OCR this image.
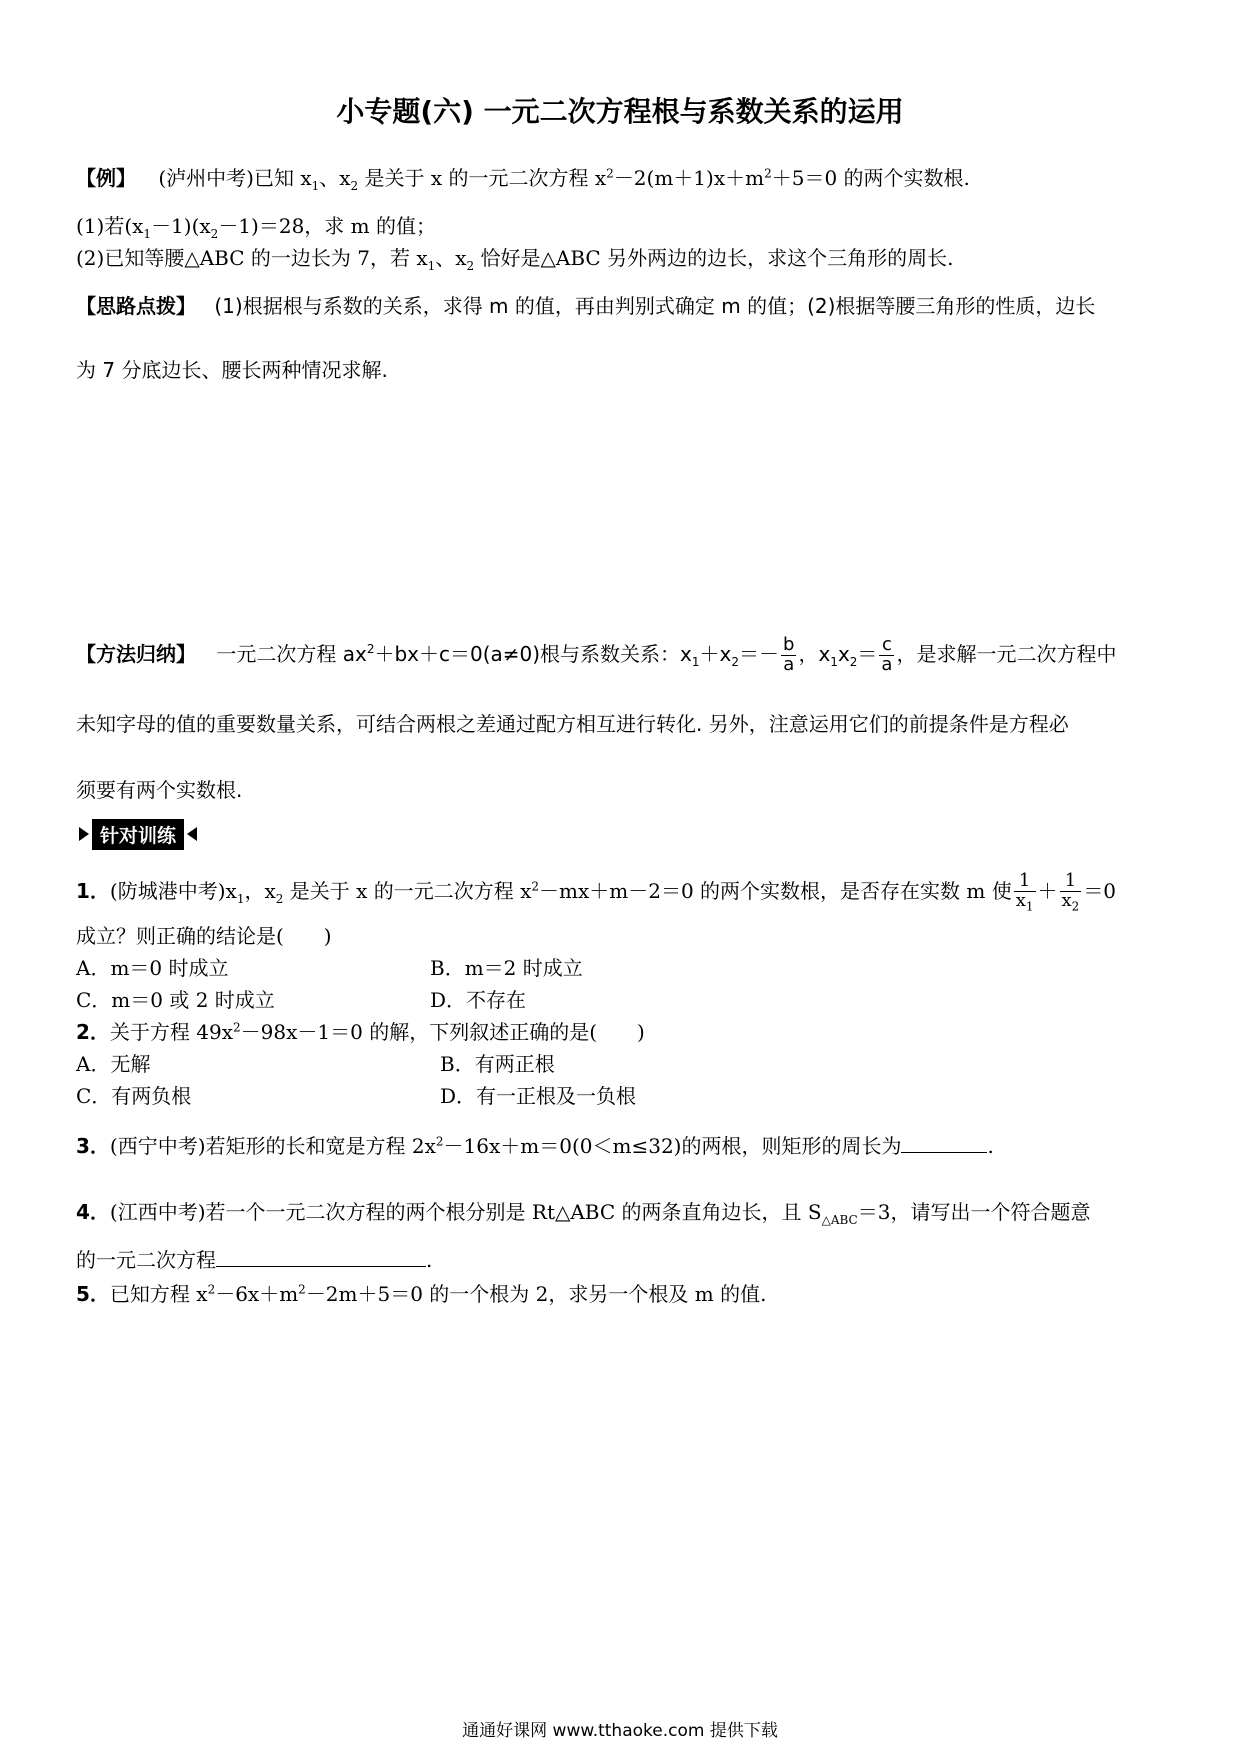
小专题(六) 一元二次方程根与系数关系的运用
【例】 (泸州中考)已知 $x_1$、$x_2$ 是关于 x 的一元二次方程 $x^2-2(m+1)x+m^2+5=0$ 的两个实数根.
(1)若$(x_1-1)(x_2-1)=28$，求 m 的值；
(2)已知等腰△ABC 的一边长为 7，若 $x_1$、$x_2$ 恰好是△ABC 另外两边的边长，求这个三角形的周长.
【思路点拨】 (1)根据根与系数的关系，求得 m 的值，再由判别式确定 m 的值；(2)根据等腰三角形的性质，边长
为 7 分底边长、腰长两种情况求解.
【方法归纳】 一元二次方程 $ax^2+bx+c=0(a\ne 0)$根与系数关系：$x_1+x_2=- \frac{b}{a}$ ，$x_1x_2= \frac{c}{a}$ ，是求解一元二次方程中
未知字母的值的重要数量关系，可结合两根之差通过配方相互进行转化. 另外，注意运用它们的前提条件是方程必
须要有两个实数根.
针对训练
1．(防城港中考)$x_1$，$x_2$ 是关于 x 的一元二次方程 $x^2-mx+m-2=0$ 的两个实数根，是否存在实数 m 使 $\frac{1}{x_1} + \frac{1}{x_2} =0$
成立？则正确的结论是(　　)
A．m＝0 时成立	B．m＝2 时成立
C．m＝0 或 2 时成立	D．不存在
2．关于方程 $49x^2-98x-1=0$ 的解，下列叙述正确的是(　　)
A．无解	B．有两正根
C．有两负根	D．有一正根及一负根
3．(西宁中考)若矩形的长和宽是方程 $2x^2-16x+m=0(0<m\le 32)$的两根，则矩形的周长为	.
4．(江西中考)若一个一元二次方程的两个根分别是 Rt△ABC 的两条直角边长，且 $S_{\triangle ABC}=3$，请写出一个符合题意
的一元二次方程	.
5．已知方程 $x^2-6x+m^2-2m+5=0$ 的一个根为 2，求另一个根及 m 的值.
通通好课网 www.tthaoke.com 提供下载
